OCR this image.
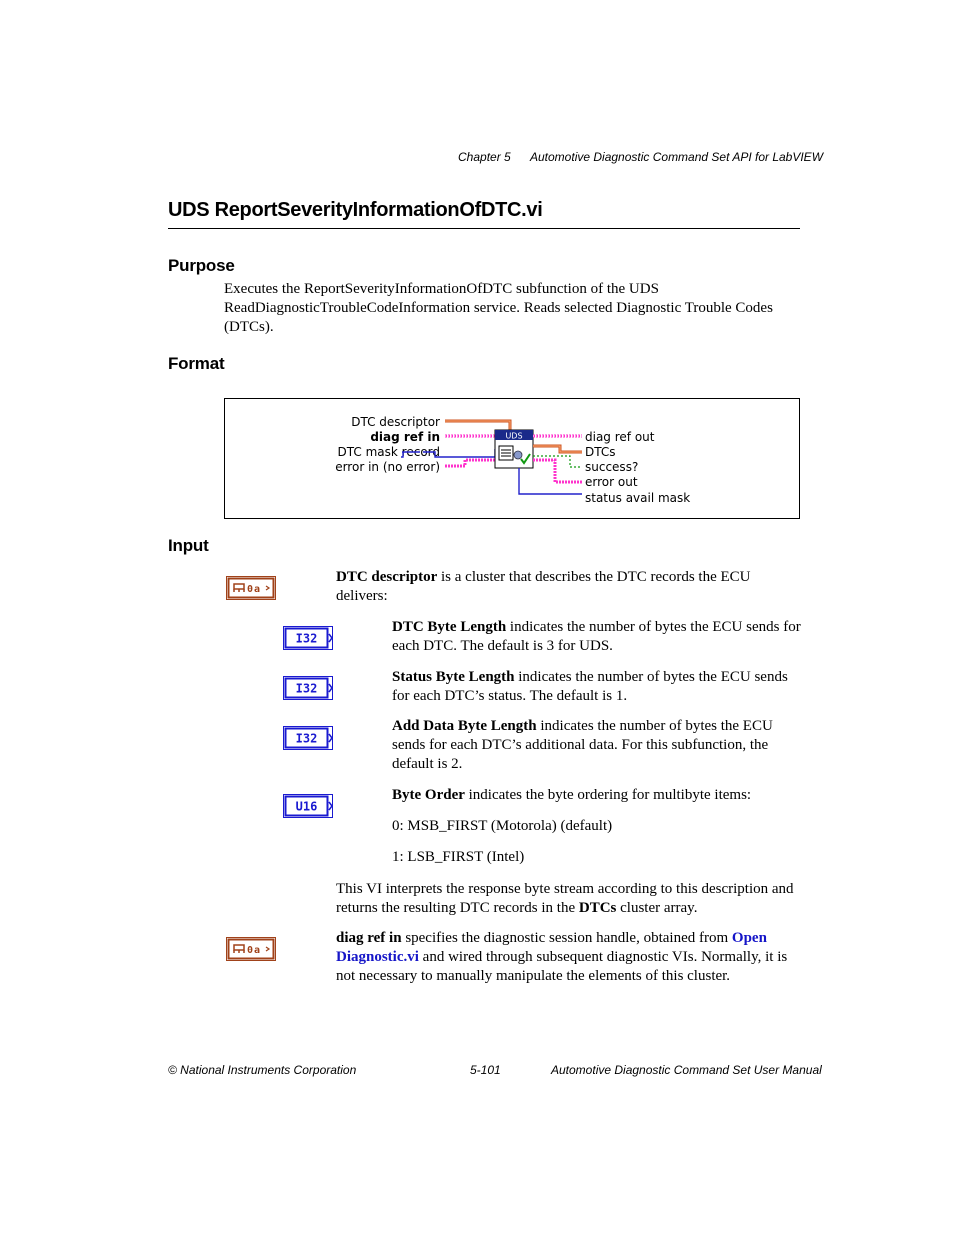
Chapter 5 Automotive Diagnostic Command Set API for LabVIEW
UDS ReportSeverityInformationOfDTC.vi
Purpose
Executes the ReportSeverityInformationOfDTC subfunction of the UDS ReadDiagnosticTroubleCodeInformation service. Reads selected Diagnostic Trouble Codes (DTCs).
Format
DTC descriptor
diag ref in
DTC mask record
error in (no error)
UDS	diag ref out
DTCs
success?
error out
status avail mask
Input
0 a
DTC descriptor is a cluster that describes the DTC records the ECU delivers:
I32
DTC Byte Length indicates the number of bytes the ECU sends for each DTC. The default is 3 for UDS.
I32
Status Byte Length indicates the number of bytes the ECU sends for each DTC’s status. The default is 1.
I32
Add Data Byte Length indicates the number of bytes the ECU sends for each DTC’s additional data. For this subfunction, the default is 2.
U16
Byte Order indicates the byte ordering for multibyte items:
0: MSB_FIRST (Motorola) (default)
1: LSB_FIRST (Intel)
This VI interprets the response byte stream according to this description and returns the resulting DTC records in the DTCs cluster array.
0 a
diag ref in specifies the diagnostic session handle, obtained from Open Diagnostic.vi and wired through subsequent diagnostic VIs. Normally, it is not necessary to manually manipulate the elements of this cluster.
© National Instruments Corporation	5-101	Automotive Diagnostic Command Set User Manual
